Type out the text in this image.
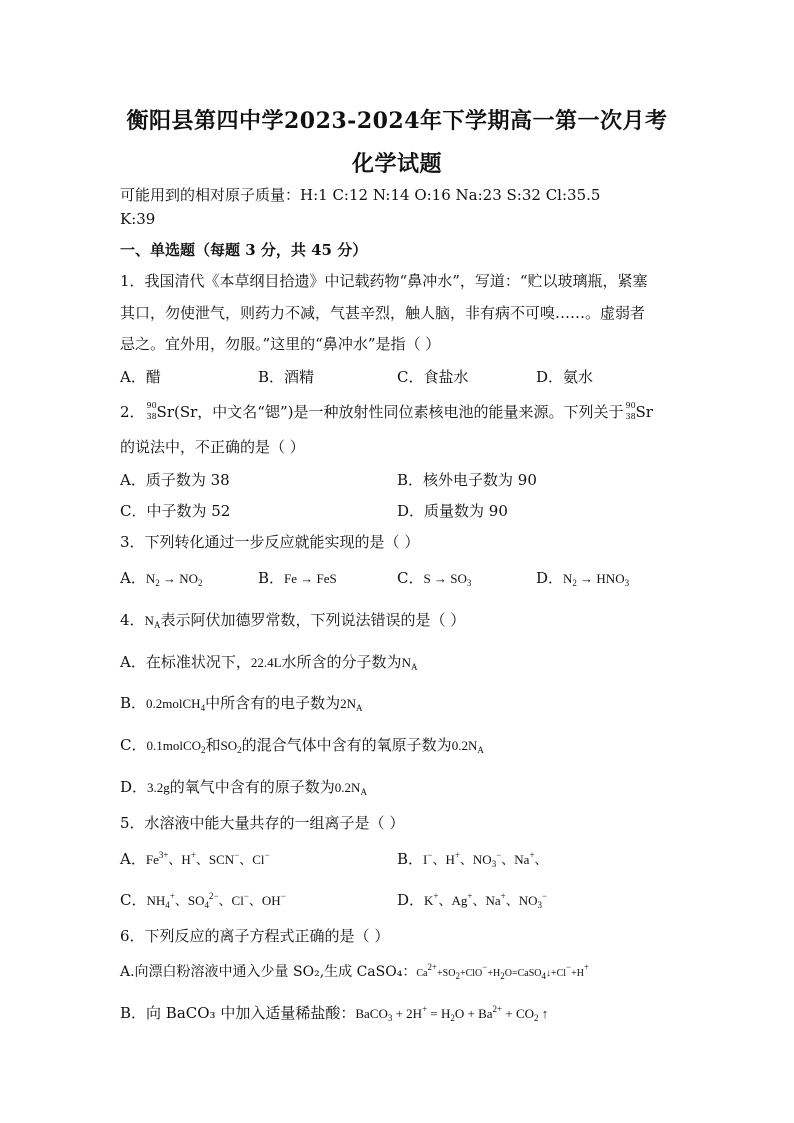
衡阳县第四中学2023-2024年下学期高一第一次月考
化学试题
可能用到的相对原子质量：H:1 C:12 N:14 O:16 Na:23 S:32 Cl:35.5
K:39
一、单选题（每题 3 分，共 45 分）
1．我国清代《本草纲目拾遗》中记载药物“鼻冲水”，写道：“贮以玻璃瓶，紧塞
其口，勿使泄气，则药力不减，气甚辛烈，触人脑，非有病不可嗅……。虚弱者
忌之。宜外用，勿服。”这里的“鼻冲水”是指（ ）
A．醋	B．酒精	C．食盐水	D．氨水
2． 90
38 Sr(Sr，中文名“锶”)是一种放射性同位素核电池的能量来源。下列关于 90
38 Sr
的说法中，不正确的是（ ）
A．质子数为 38	B．核外电子数为 90
C．中子数为 52	D．质量数为 90
3．下列转化通过一步反应就能实现的是（ ）
A．$N_2 \to NO_2$	B．Fe → FeS	C．$S \to SO_3$	D．$N_2 \to HNO_3$
4．$N_A$表示阿伏加德罗常数，下列说法错误的是（ ）
A．在标准状况下，22.4L水所含的分子数为$N_A$
B．0.2molCH$_4$中所含有的电子数为$2N_A$
C．0.1molCO$_2$和$SO_2$的混合气体中含有的氧原子数为$0.2N_A$
D．3.2g的氧气中含有的原子数为$0.2N_A$
5．水溶液中能大量共存的一组离子是（ ）
A．$Fe^{3+}$、H+、SCN−、Cl−	B．I−、H+、$NO_3^-$、Na+、
C．$NH_4^+$、$SO_4^{2-}$、Cl−、OH−	D．K+、Ag+、Na+、$NO_3^-$
6．下列反应的离子方程式正确的是（ ）
A.向漂白粉溶液中通入少量 SO₂,生成 CaSO₄：$Ca^{2+}+SO_2+ClO^-+H_2O=CaSO_4↓+Cl^-+H^+$
B．向 BaCO₃ 中加入适量稀盐酸：BaCO$_3$ + $2H^+ = H_2O + Ba^{2+} + CO_2$ ↑
